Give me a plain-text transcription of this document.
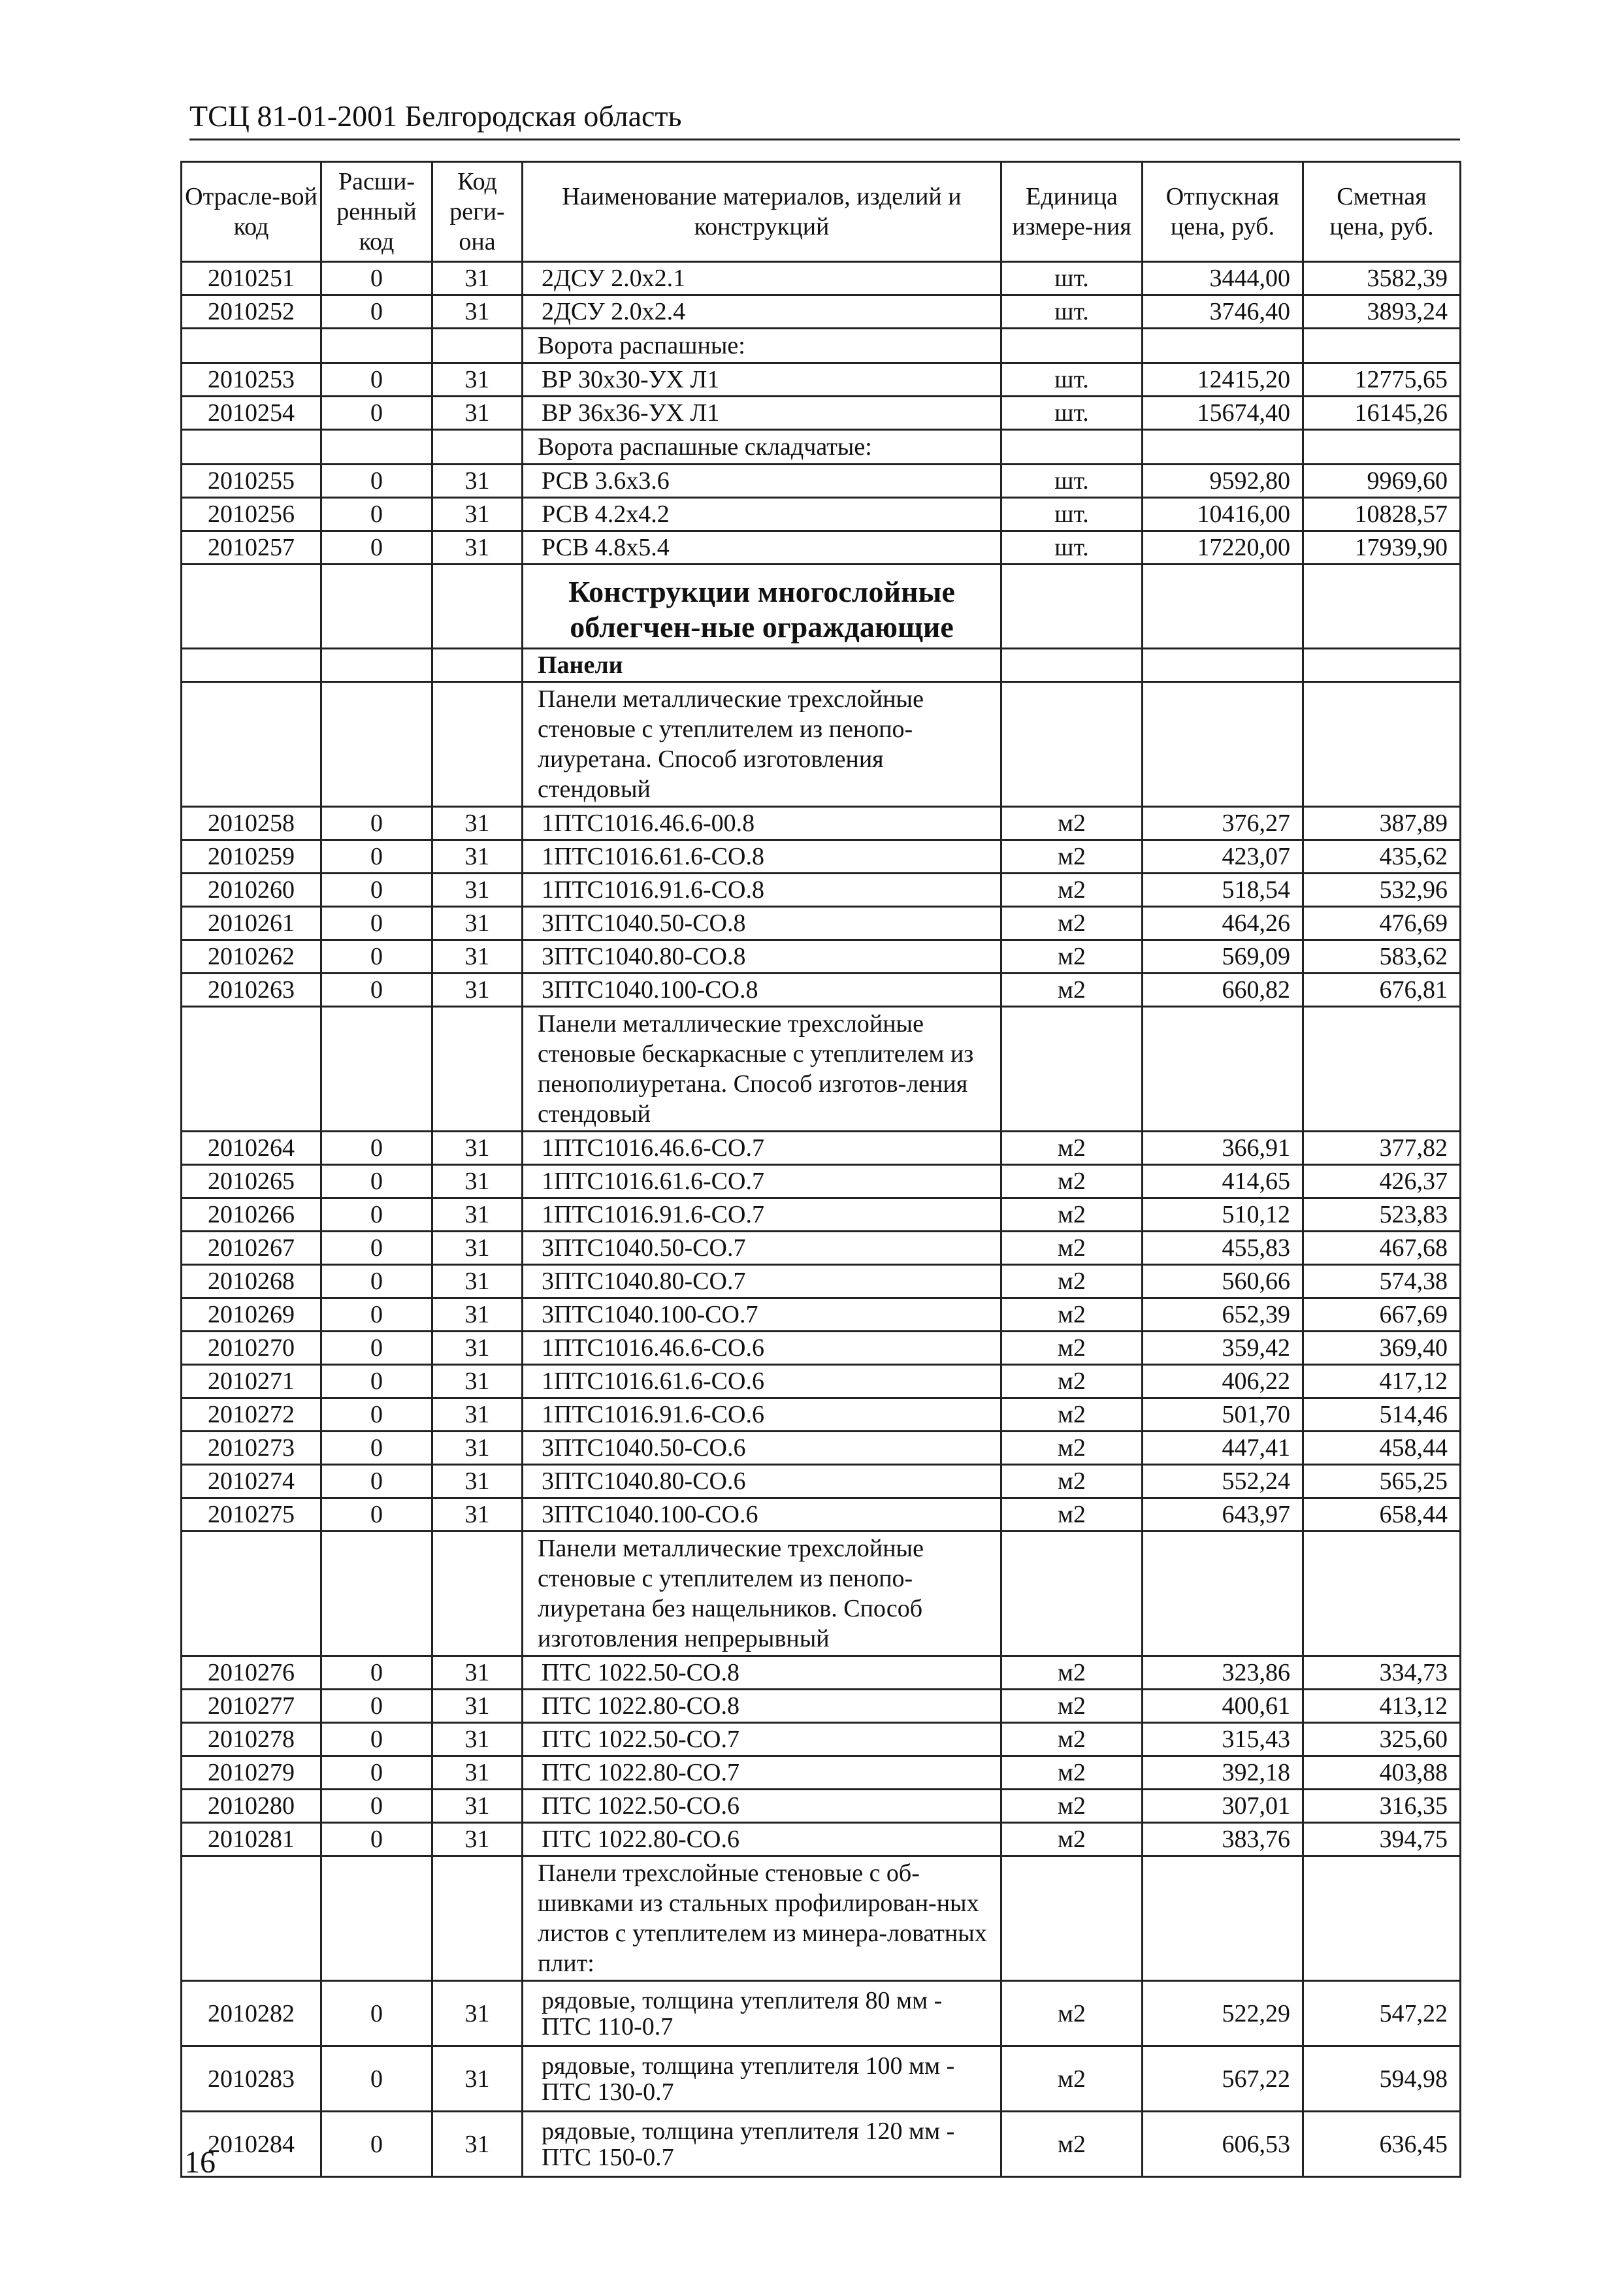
ТСЦ 81-01-2001 Белгородская область
Отрасле-вой код	Расши-ренный код	Код реги-она	Наименование материалов, изделий и конструкций	Единица измере-ния	Отпускная цена, руб.	Сметная цена, руб.
2010251	0	31	2ДСУ 2.0х2.1	шт.	3444,00	3582,39
2010252	0	31	2ДСУ 2.0х2.4	шт.	3746,40	3893,24
			Ворота распашные:			
2010253	0	31	ВР 30х30-УХ Л1	шт.	12415,20	12775,65
2010254	0	31	ВР 36х36-УХ Л1	шт.	15674,40	16145,26
			Ворота распашные складчатые:			
2010255	0	31	РСВ 3.6х3.6	шт.	9592,80	9969,60
2010256	0	31	РСВ 4.2х4.2	шт.	10416,00	10828,57
2010257	0	31	РСВ 4.8х5.4	шт.	17220,00	17939,90
			Конструкции многослойные облегчен-ные ограждающие			
			Панели			
			Панели металлические трехслойные стеновые с утеплителем из пенопо-лиуретана. Способ изготовления стендовый			
2010258	0	31	1ПТС1016.46.6-00.8	м2	376,27	387,89
2010259	0	31	1ПТС1016.61.6-СО.8	м2	423,07	435,62
2010260	0	31	1ПТС1016.91.6-СО.8	м2	518,54	532,96
2010261	0	31	3ПТС1040.50-СО.8	м2	464,26	476,69
2010262	0	31	3ПТС1040.80-СО.8	м2	569,09	583,62
2010263	0	31	3ПТС1040.100-СО.8	м2	660,82	676,81
			Панели металлические трехслойные стеновые бескаркасные с утеплителем из пенополиуретана. Способ изготов-ления стендовый			
2010264	0	31	1ПТС1016.46.6-СО.7	м2	366,91	377,82
2010265	0	31	1ПТС1016.61.6-СО.7	м2	414,65	426,37
2010266	0	31	1ПТС1016.91.6-СО.7	м2	510,12	523,83
2010267	0	31	3ПТС1040.50-СО.7	м2	455,83	467,68
2010268	0	31	3ПТС1040.80-СО.7	м2	560,66	574,38
2010269	0	31	3ПТС1040.100-СО.7	м2	652,39	667,69
2010270	0	31	1ПТС1016.46.6-СО.6	м2	359,42	369,40
2010271	0	31	1ПТС1016.61.6-СО.6	м2	406,22	417,12
2010272	0	31	1ПТС1016.91.6-СО.6	м2	501,70	514,46
2010273	0	31	3ПТС1040.50-СО.6	м2	447,41	458,44
2010274	0	31	3ПТС1040.80-СО.6	м2	552,24	565,25
2010275	0	31	3ПТС1040.100-СО.6	м2	643,97	658,44
			Панели металлические трехслойные стеновые с утеплителем из пенопо-лиуретана без нащельников. Способ изготовления непрерывный			
2010276	0	31	ПТС 1022.50-СО.8	м2	323,86	334,73
2010277	0	31	ПТС 1022.80-СО.8	м2	400,61	413,12
2010278	0	31	ПТС 1022.50-СО.7	м2	315,43	325,60
2010279	0	31	ПТС 1022.80-СО.7	м2	392,18	403,88
2010280	0	31	ПТС 1022.50-СО.6	м2	307,01	316,35
2010281	0	31	ПТС 1022.80-СО.6	м2	383,76	394,75
			Панели трехслойные стеновые с об-шивками из стальных профилирован-ных листов с утеплителем из минера-ловатных плит:			
2010282	0	31	рядовые, толщина утеплителя 80 мм - ПТС 110-0.7	м2	522,29	547,22
2010283	0	31	рядовые, толщина утеплителя 100 мм - ПТС 130-0.7	м2	567,22	594,98
2010284	0	31	рядовые, толщина утеплителя 120 мм - ПТС 150-0.7	м2	606,53	636,45
16
